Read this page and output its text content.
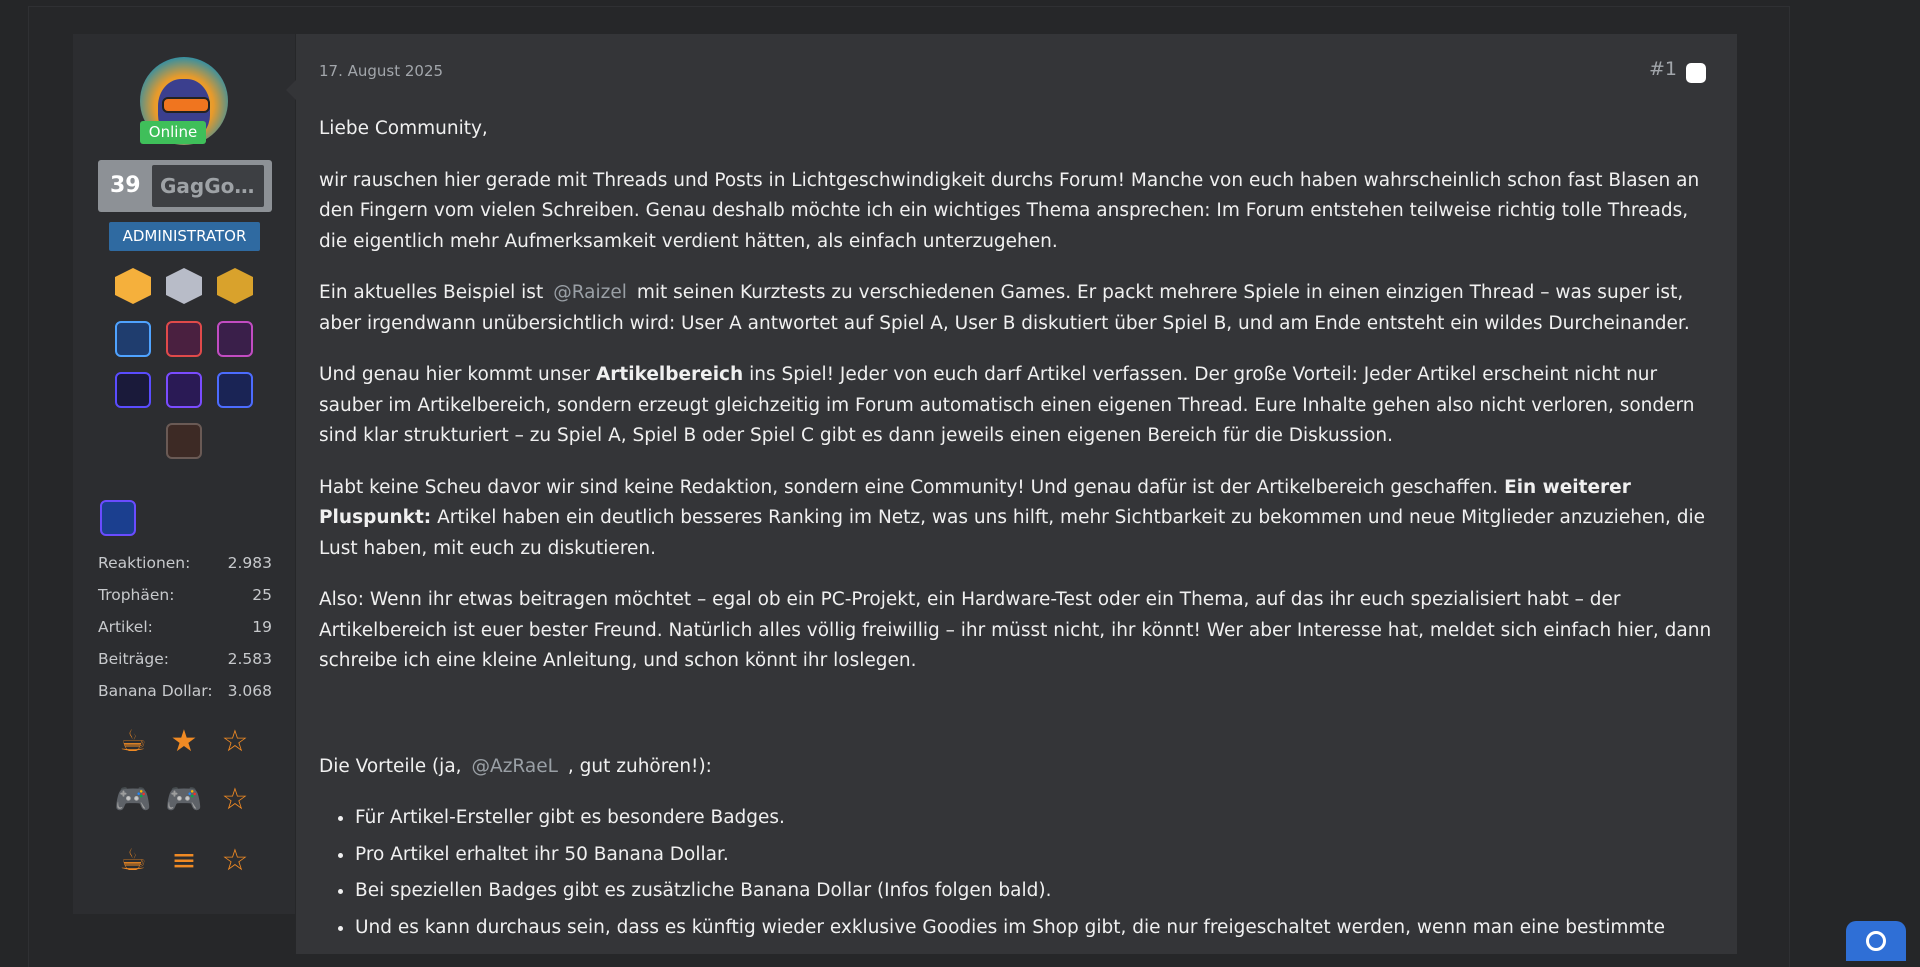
Online
39 GagGor…
ADMINISTRATOR
Reaktionen: 2.983
Trophäen:	25
Artikel:	19
Beiträge:	2.583
Banana Dollar: 3.068
☕ ★ ☆
🎮 🎮 ☆
☕ ≡ ☆
17. August 2025	#1

Liebe Community,

wir rauschen hier gerade mit Threads und Posts in Lichtgeschwindigkeit durchs Forum! Manche von euch haben wahrscheinlich schon fast Blasen an den Fingern vom vielen Schreiben. Genau deshalb möchte ich ein wichtiges Thema ansprechen: Im Forum entstehen teilweise richtig tolle Threads, die eigentlich mehr Aufmerksamkeit verdient hätten, als einfach unterzugehen.

Ein aktuelles Beispiel ist @Raizel mit seinen Kurztests zu verschiedenen Games. Er packt mehrere Spiele in einen einzigen Thread – was super ist, aber irgendwann unübersichtlich wird: User A antwortet auf Spiel A, User B diskutiert über Spiel B, und am Ende entsteht ein wildes Durcheinander.

Und genau hier kommt unser Artikelbereich ins Spiel! Jeder von euch darf Artikel verfassen. Der große Vorteil: Jeder Artikel erscheint nicht nur sauber im Artikelbereich, sondern erzeugt gleichzeitig im Forum automatisch einen eigenen Thread. Eure Inhalte gehen also nicht verloren, sondern sind klar strukturiert – zu Spiel A, Spiel B oder Spiel C gibt es dann jeweils einen eigenen Bereich für die Diskussion.

Habt keine Scheu davor wir sind keine Redaktion, sondern eine Community! Und genau dafür ist der Artikelbereich geschaffen. Ein weiterer Pluspunkt: Artikel haben ein deutlich besseres Ranking im Netz, was uns hilft, mehr Sichtbarkeit zu bekommen und neue Mitglieder anzuziehen, die Lust haben, mit euch zu diskutieren.

Also: Wenn ihr etwas beitragen möchtet – egal ob ein PC-Projekt, ein Hardware-Test oder ein Thema, auf das ihr euch spezialisiert habt – der Artikelbereich ist euer bester Freund. Natürlich alles völlig freiwillig – ihr müsst nicht, ihr könnt! Wer aber Interesse hat, meldet sich einfach hier, dann schreibe ich eine kleine Anleitung, und schon könnt ihr loslegen.

Die Vorteile (ja, @AzRaeL , gut zuhören!):

• Für Artikel-Ersteller gibt es besondere Badges.
• Pro Artikel erhaltet ihr 50 Banana Dollar.
• Bei speziellen Badges gibt es zusätzliche Banana Dollar (Infos folgen bald).
• Und es kann durchaus sein, dass es künftig wieder exklusive Goodies im Shop gibt, die nur freigeschaltet werden, wenn man eine bestimmte
